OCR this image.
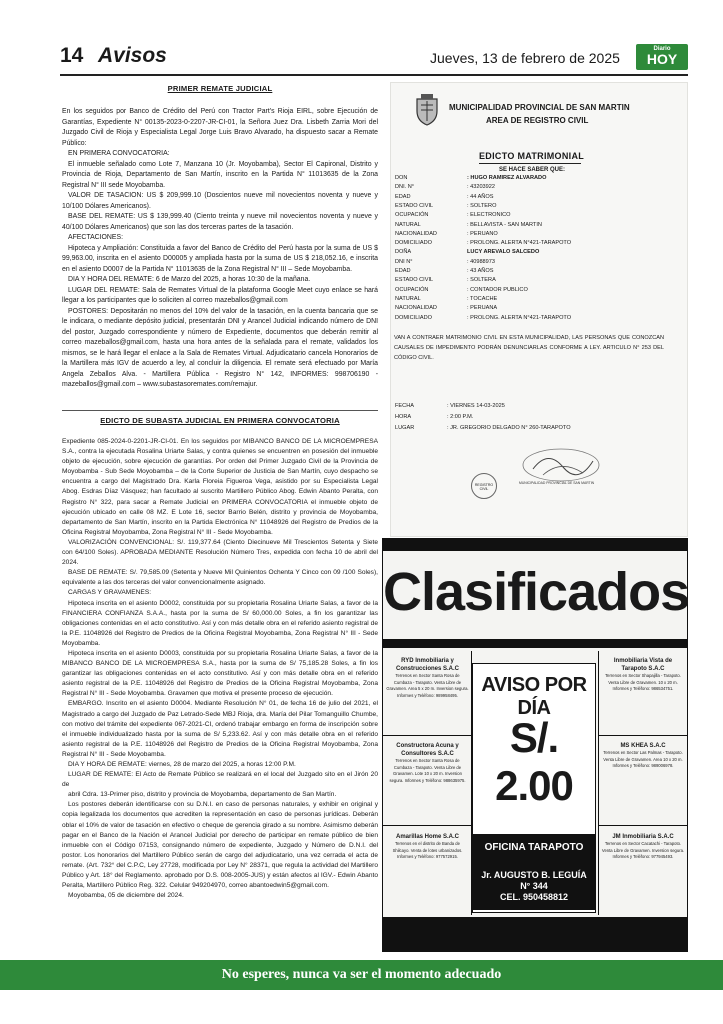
14 Avisos	Jueves, 13 de febrero de 2025
Diario
HOY
PRIMER REMATE JUDICIAL

En los seguidos por Banco de Crédito del Perú con Tractor Part's Rioja EIRL, sobre Ejecución de Garantías, Expediente N° 00135-2023-0-2207-JR-CI-01, la Señora Juez Dra. Lisbeth Zarria Mori del Juzgado Civil de Rioja y Especialista Legal Jorge Luis Bravo Alvarado, ha dispuesto sacar a Remate Público:

EN PRIMERA CONVOCATORIA:

El inmueble señalado como Lote 7, Manzana 10 (Jr. Moyobamba), Sector El Capironal, Distrito y Provincia de Rioja, Departamento de San Martín, inscrito en la Partida N° 11013635 de la Zona Registral N° III sede Moyobamba.

VALOR DE TASACION: US $ 209,999.10 (Doscientos nueve mil novecientos noventa y nueve y 10/100 Dólares Americanos).

BASE DEL REMATE: US $ 139,999.40 (Ciento treinta y nueve mil novecientos noventa y nueve y 40/100 Dólares Americanos) que son las dos terceras partes de la tasación.

AFECTACIONES:

Hipoteca y Ampliación: Constituida a favor del Banco de Crédito del Perú hasta por la suma de US $ 99,963.00, inscrita en el asiento D00005 y ampliada hasta por la suma de US $ 218,052.16, e inscrita en el asiento D0007 de la Partida N° 11013635 de la Zona Registral N° III – Sede Moyobamba.

DIA Y HORA DEL REMATE: 6 de Marzo del 2025, a horas 10:30 de la mañana.

LUGAR DEL REMATE: Sala de Remates Virtual de la plataforma Google Meet cuyo enlace se hará llegar a los participantes que lo soliciten al correo mazeballos@gmail.com

POSTORES: Depositarán no menos del 10% del valor de la tasación, en la cuenta bancaria que se le indicara, o mediante depósito judicial, presentarán DNI y Arancel Judicial indicando número de DNI del postor, Juzgado correspondiente y número de Expediente, documentos que deberán remitir al correo mazeballos@gmail.com, hasta una hora antes de la señalada para el remate, validados los mismos, se le hará llegar el enlace a la Sala de Remates Virtual. Adjudicatario cancela Honorarios de la Martillera más IGV de acuerdo a ley, al concluir la diligencia. El remate será efectuado por María Angela Zeballos Alva. - Martillera Pública - Registro N° 142, INFORMES: 998706190 - mazeballos@gmail.com – www.subastasoremates.com/remajur.

EDICTO DE SUBASTA JUDICIAL EN PRIMERA CONVOCATORIA

Expediente 085-2024-0-2201-JR-CI-01. En los seguidos por MIBANCO BANCO DE LA MICROEMPRESA S.A., contra la ejecutada Rosalina Uriarte Salas, y contra quienes se encuentren en posesión del inmueble objeto de ejecución, sobre ejecución de garantías. Por orden del Primer Juzgado Civil de la Provincia de Moyobamba - Sub Sede Moyobamba – de la Corte Superior de Justicia de San Martín, cuyo despacho se encuentra a cargo del Magistrado Dra. Karla Floreia Figueroa Vega, asistido por su Especialista Legal Abog. Esdras Díaz Vásquez; han facultado al suscrito Martillero Público Abog. Edwin Abanto Peralta, con Registro N° 322, para sacar a Remate Judicial en PRIMERA CONVOCATORIA el inmueble objeto de ejecución ubicado en calle 08 MZ. E Lote 16, sector Barrio Belén, distrito y provincia de Moyobamba, departamento de San Martín, inscrito en la Partida Electrónica N° 11048926 del Registro de Predios de la Oficina Registral Moyobamba, Zona Registral N° III - Sede Moyobamba.

VALORIZACIÓN CONVENCIONAL: S/. 119,377.64 (Ciento Diecinueve Mil Trescientos Setenta y Siete con 64/100 Soles). APROBADA MEDIANTE Resolución Número Tres, expedida con fecha 10 de abril del 2024.

BASE DE REMATE: S/. 79,585.09 (Setenta y Nueve Mil Quinientos Ochenta Y Cinco con 09 /100 Soles), equivalente a las dos terceras del valor convencionalmente asignado.

CARGAS Y GRAVAMENES:

Hipoteca inscrita en el asiento D0002, constituida por su propietaria Rosalina Uriarte Salas, a favor de la FINANCIERA CONFIANZA S.A.A., hasta por la suma de S/ 60,000.00 Soles, a fin los garantizar las obligaciones contenidas en el acto constitutivo. Así y con más detalle obra en el referido asiento registral de la P.E. 11048926 del Registro de Predios de la Oficina Registral Moyobamba, Zona Registral N° III - Sede Moyobamba.

Hipoteca inscrita en el asiento D0003, constituida por su propietaria Rosalina Uriarte Salas, a favor de la MIBANCO BANCO DE LA MICROEMPRESA S.A., hasta por la suma de S/ 75,185.28 Soles, a fin los garantizar las obligaciones contenidas en el acto constitutivo. Así y con más detalle obra en el referido asiento registral de la P.E. 11048926 del Registro de Predios de la Oficina Registral Moyobamba, Zona Registral N° III - Sede Moyobamba. Gravamen que motiva el presente proceso de ejecución.

EMBARGO. Inscrito en el asiento D0004. Mediante Resolución N° 01, de fecha 16 de julio del 2021, el Magistrado a cargo del Juzgado de Paz Letrado-Sede MBJ Rioja, dra. María del Pilar Tomanguillo Chumbe, con motivo del trámite del expediente 067-2021-CI, ordenó trabajar embargo en forma de inscripción sobre el inmueble individualizado hasta por la suma de S/ 5,233.62. Así y con más detalle obra en el referido asiento registral de la P.E. 11048926 del Registro de Predios de la Oficina Registral Moyobamba, Zona Registral N° III - Sede Moyobamba.

DIA Y HORA DE REMATE: viernes, 28 de marzo del 2025, a horas 12:00 P.M.

LUGAR DE REMATE: El Acto de Remate Público se realizará en el local del Juzgado sito en el Jirón 20 de

abril Cdra. 13-Primer piso, distrito y provincia de Moyobamba, departamento de San Martín.

Los postores deberán identificarse con su D.N.I. en caso de personas naturales, y exhibir en original y copia legalizada los documentos que acrediten la representación en caso de personas jurídicas. Deberán oblar el 10% de valor de tasación en efectivo o cheque de gerencia girado a su nombre. Asimismo deberán pagar en el Banco de la Nación el Arancel Judicial por derecho de participar en remate público de bien inmueble con el Código 07153, consignando número de expediente, Juzgado y Número de D.N.I. del postor. Los honorarios del Martillero Público serán de cargo del adjudicatario, una vez cerrada el acta de remate. (Art. 732° del C.P.C, Ley 27728, modificada por Ley N° 28371, que regula la actividad del Martillero Público y Art. 18° del Reglamento. aprobado por D.S. 008-2005-JUS) y están afectos al IGV.- Edwin Abanto Peralta, Martillero Público Reg. 322. Celular 949204970, correo abantoedwin5@gmail.com.

Moyobamba, 05 de diciembre del 2024.

MUNICIPALIDAD PROVINCIAL DE SAN MARTIN
AREA DE REGISTRO CIVIL
EDICTO MATRIMONIAL
SE HACE SABER QUE:
DON	: HUGO RAMIREZ ALVARADO
DNI. N°	: 43203922
EDAD	: 44 AÑOS
ESTADO CIVIL	: SOLTERO
OCUPACIÓN	: ELECTRONICO
NATURAL	: BELLAVISTA - SAN MARTIN
NACIONALIDAD	: PERUANO
DOMICILIADO	: PROLONG. ALERTA N°421-TARAPOTO
DOÑA	LUCY AREVALO SALCEDO
DNI N°	: 40988973
EDAD	: 43 AÑOS
ESTADO CIVIL	: SOLTERA
OCUPACIÓN	: CONTADOR PUBLICO
NATURAL	: TOCACHE
NACIONALIDAD	: PERUANA
DOMICILIADO	: PROLONG. ALERTA N°421-TARAPOTO
VAN A CONTRAER MATRIMONIO CIVIL EN ESTA MUNICIPALIDAD, LAS PERSONAS QUE CONOZCAN CAUSALES DE IMPEDIMENTO PODRÁN DENUNCIARLAS CONFORME A LEY. ARTICULO N° 253 DEL CÓDIGO CIVIL.
FECHA	: VIERNES 14-03-2025
HORA	: 2:00 P.M.
LUGAR	: JR. GREGORIO DELGADO N° 260-TARAPOTO
REGISTRO CIVIL
MUNICIPALIDAD PROVINCIAL DE SAN MARTIN
Clasificados
RYD Inmobiliaria y Construcciones S.A.C
Terrenos en Sector Santa Rosa de Cumbaza - Tarapoto. Venta Libre de Gravamen. Area 5 x 20 m. Inversion segura. Informes y Teléfono: 989958495.
Constructora Acuna y Consultores S.A.C
Terrenos en Sector Santa Rosa de Cumbaza - Tarapoto. Venta Libre de Gravamen. Lote 10 x 20 m. Inversion segura. Informes y Teléfono: 988635975.
Amarillas Home S.A.C
Terrenos en el distrito de Banda de Shilcayo. Venta de lotes urbanizados. Informes y Teléfono: 977572915.
Inmobiliaria Vista de Tarapoto S.A.C
Terrenos en Sector Shapajilla - Tarapoto. Venta Libre de Gravamen. 10 x 20 m. Informes y Teléfono: 986534751.
MS KHEA S.A.C
Terrenos en Sector Las Palmas - Tarapoto. Venta Libre de Gravamen. Area 10 x 20 m. Informes y Teléfono: 989006978.
JM Inmobiliaria S.A.C
Terrenos en Sector Cacatachi - Tarapoto. Venta Libre de Gravamen. Inversion segura. Informes y Teléfono: 977945493.
AVISO POR DÍA
S/. 2.00
OFICINA TARAPOTO
Jr. AUGUSTO B. LEGUÍA N° 344
CEL. 950458812
No esperes, nunca va ser el momento adecuado
